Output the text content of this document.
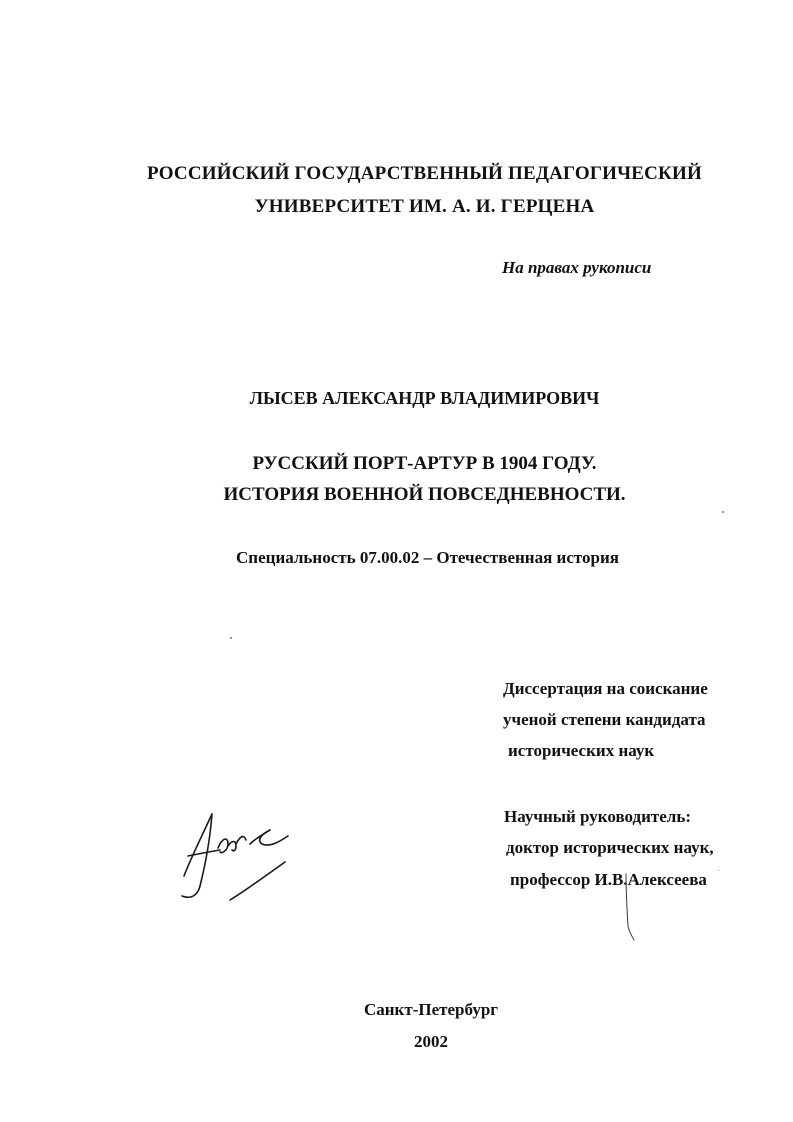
РОССИЙСКИЙ ГОСУДАРСТВЕННЫЙ ПЕДАГОГИЧЕСКИЙ
УНИВЕРСИТЕТ ИМ. А. И. ГЕРЦЕНА
На правах рукописи
ЛЫСЕВ АЛЕКСАНДР ВЛАДИМИРОВИЧ
РУССКИЙ ПОРТ-АРТУР В 1904 ГОДУ.
ИСТОРИЯ ВОЕННОЙ ПОВСЕДНЕВНОСТИ.
Специальность 07.00.02 – Отечественная история
Диссертация на соискание
ученой степени кандидата
исторических наук
Научный руководитель:
доктор исторических наук,
профессор И.В.Алексеева
Санкт-Петербург
2002
